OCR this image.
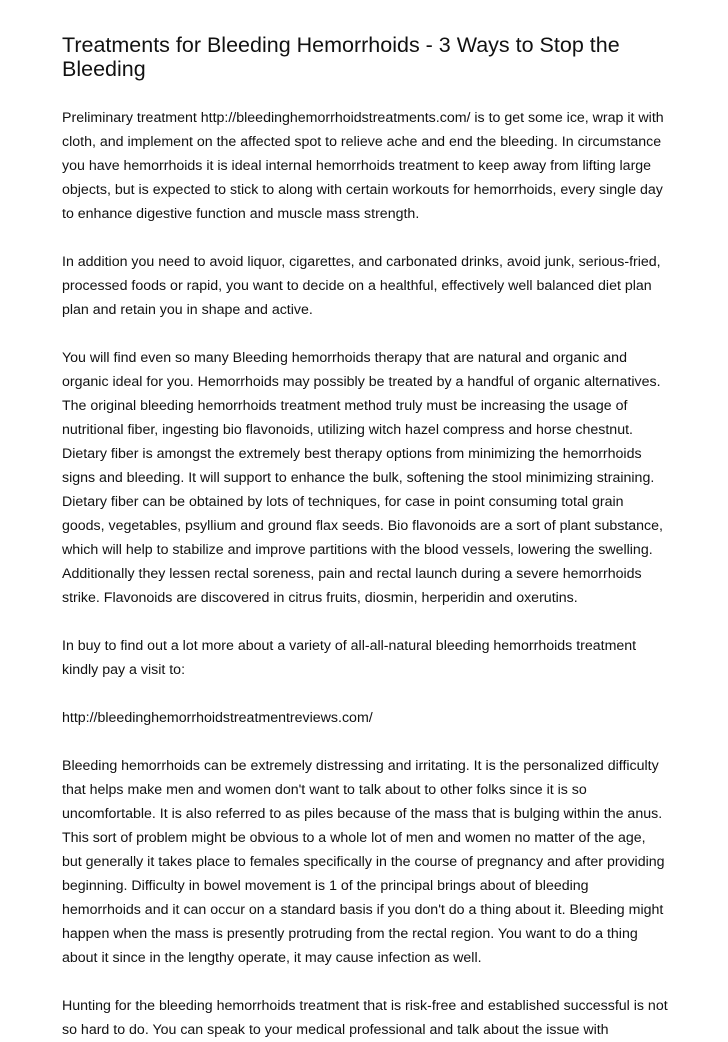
Treatments for Bleeding Hemorrhoids - 3 Ways to Stop the Bleeding

Preliminary treatment http://bleedinghemorrhoidstreatments.com/ is to get some ice, wrap it with cloth, and implement on the affected spot to relieve ache and end the bleeding. In circumstance you have hemorrhoids it is ideal internal hemorrhoids treatment to keep away from lifting large objects, but is expected to stick to along with certain workouts for hemorrhoids, every single day to enhance digestive function and muscle mass strength.

In addition you need to avoid liquor, cigarettes, and carbonated drinks, avoid junk, serious-fried, processed foods or rapid, you want to decide on a healthful, effectively well balanced diet plan plan and retain you in shape and active.

You will find even so many Bleeding hemorrhoids therapy that are natural and organic and organic ideal for you. Hemorrhoids may possibly be treated by a handful of organic alternatives. The original bleeding hemorrhoids treatment method truly must be increasing the usage of nutritional fiber, ingesting bio flavonoids, utilizing witch hazel compress and horse chestnut. Dietary fiber is amongst the extremely best therapy options from minimizing the hemorrhoids signs and bleeding. It will support to enhance the bulk, softening the stool minimizing straining. Dietary fiber can be obtained by lots of techniques, for case in point consuming total grain goods, vegetables, psyllium and ground flax seeds. Bio flavonoids are a sort of plant substance, which will help to stabilize and improve partitions with the blood vessels, lowering the swelling. Additionally they lessen rectal soreness, pain and rectal launch during a severe hemorrhoids strike. Flavonoids are discovered in citrus fruits, diosmin, herperidin and oxerutins.

In buy to find out a lot more about a variety of all-all-natural bleeding hemorrhoids treatment kindly pay a visit to:

http://bleedinghemorrhoidstreatmentreviews.com/

Bleeding hemorrhoids can be extremely distressing and irritating. It is the personalized difficulty that helps make men and women don't want to talk about to other folks since it is so uncomfortable. It is also referred to as piles because of the mass that is bulging within the anus. This sort of problem might be obvious to a whole lot of men and women no matter of the age, but generally it takes place to females specifically in the course of pregnancy and after providing beginning. Difficulty in bowel movement is 1 of the principal brings about of bleeding hemorrhoids and it can occur on a standard basis if you don't do a thing about it. Bleeding might happen when the mass is presently protruding from the rectal region. You want to do a thing about it since in the lengthy operate, it may cause infection as well.

Hunting for the bleeding hemorrhoids treatment that is risk-free and established successful is not so hard to do. You can speak to your medical professional and talk about the issue with
